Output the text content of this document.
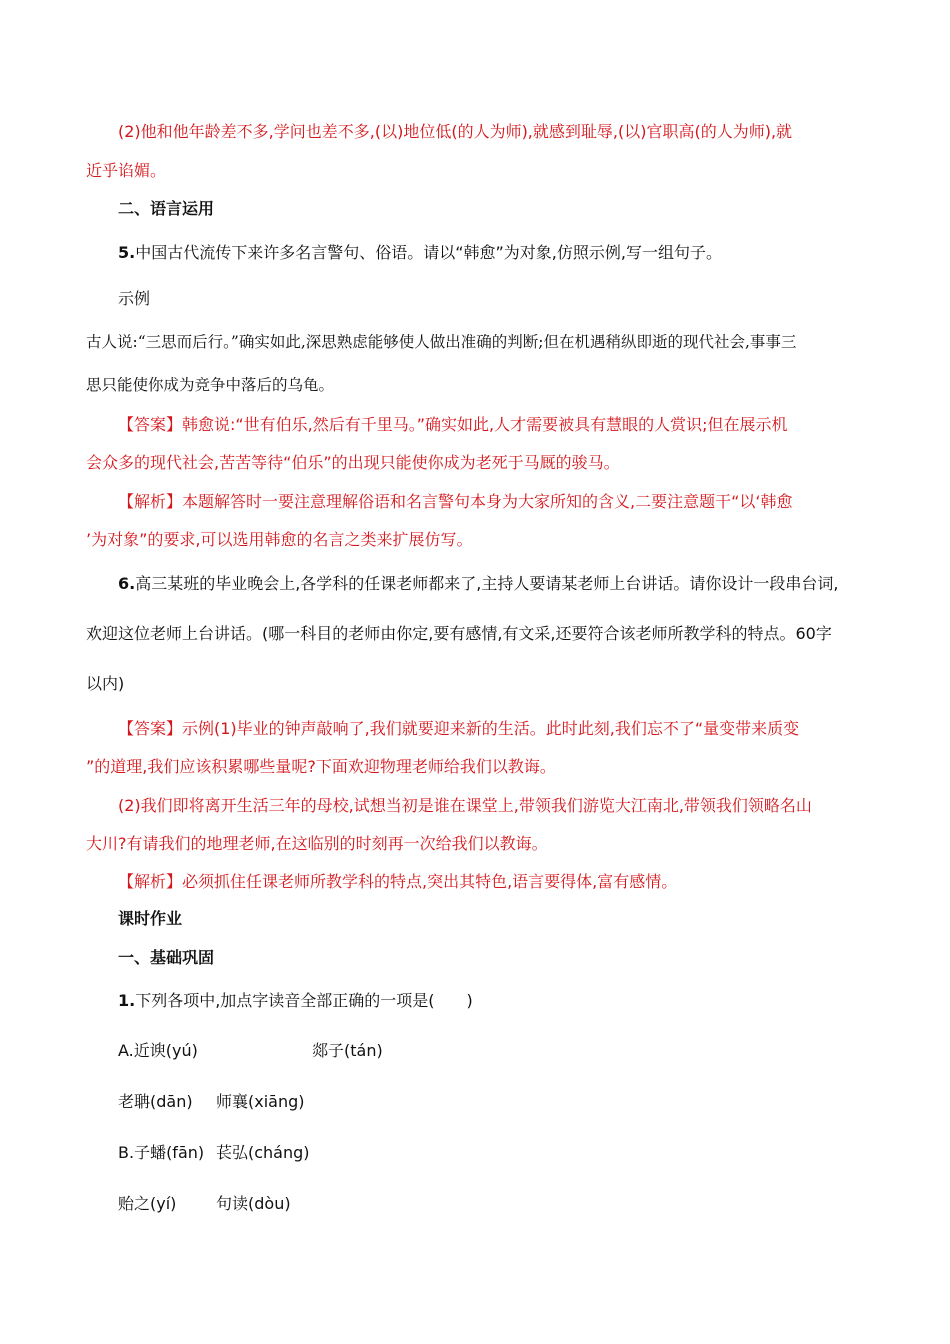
(2)他和他年龄差不多,学问也差不多,(以)地位低(的人为师),就感到耻辱,(以)官职高(的人为师),就
近乎谄媚。
二、语言运用
5.中国古代流传下来许多名言警句、俗语。请以“韩愈”为对象,仿照示例,写一组句子。
示例
古人说:“三思而后行。”确实如此,深思熟虑能够使人做出准确的判断;但在机遇稍纵即逝的现代社会,事事三
思只能使你成为竞争中落后的乌龟。
【答案】韩愈说:“世有伯乐,然后有千里马。”确实如此,人才需要被具有慧眼的人赏识;但在展示机
会众多的现代社会,苦苦等待“伯乐”的出现只能使你成为老死于马厩的骏马。
【解析】本题解答时一要注意理解俗语和名言警句本身为大家所知的含义,二要注意题干“以‘韩愈
’为对象”的要求,可以选用韩愈的名言之类来扩展仿写。
6.高三某班的毕业晚会上,各学科的任课老师都来了,主持人要请某老师上台讲话。请你设计一段串台词,
欢迎这位老师上台讲话。(哪一科目的老师由你定,要有感情,有文采,还要符合该老师所教学科的特点。60字
以内)
【答案】示例(1)毕业的钟声敲响了,我们就要迎来新的生活。此时此刻,我们忘不了“量变带来质变
”的道理,我们应该积累哪些量呢?下面欢迎物理老师给我们以教诲。
(2)我们即将离开生活三年的母校,试想当初是谁在课堂上,带领我们游览大江南北,带领我们领略名山
大川?有请我们的地理老师,在这临别的时刻再一次给我们以教诲。
【解析】必须抓住任课老师所教学科的特点,突出其特色,语言要得体,富有感情。
课时作业
一、基础巩固
1.下列各项中,加点字读音全部正确的一项是(　　)
A.近谀(yú)	郯子(tán)
老聃(dān) 师襄(xiāng)
B.子蟠(fān) 苌弘(cháng)
贻之(yí) 句读(dòu)
